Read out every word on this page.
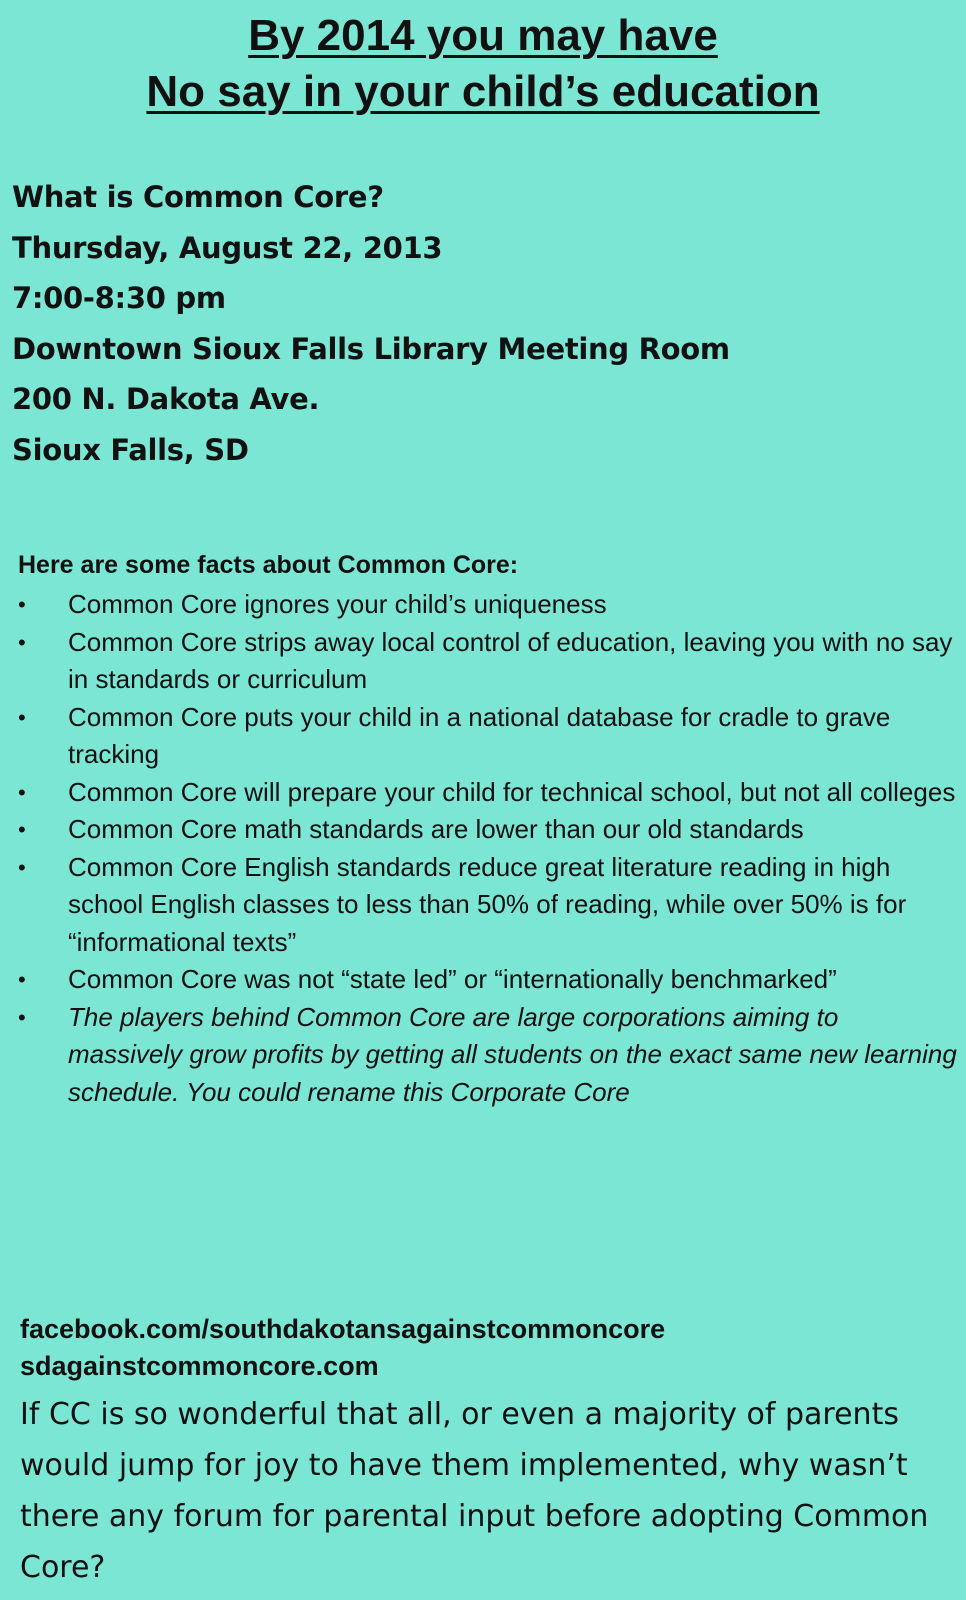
By 2014 you may have
No say in your child’s education
What is Common Core?
Thursday, August 22, 2013
7:00-8:30 pm
Downtown Sioux Falls Library Meeting Room
200 N. Dakota Ave.
Sioux Falls, SD
Here are some facts about Common Core:
• Common Core ignores your child’s uniqueness
• Common Core strips away local control of education, leaving you with no say in standards or curriculum
• Common Core puts your child in a national database for cradle to grave tracking
• Common Core will prepare your child for technical school, but not all colleges
• Common Core math standards are lower than our old standards
• Common Core English standards reduce great literature reading in high school English classes to less than 50% of reading, while over 50% is for “informational texts”
• Common Core was not “state led” or “internationally benchmarked”
• The players behind Common Core are large corporations aiming to massively grow profits by getting all students on the exact same new learning schedule. You could rename this Corporate Core
facebook.com/southdakotansagainstcommoncore
sdagainstcommoncore.com
If CC is so wonderful that all, or even a majority of parents would jump for joy to have them implemented, why wasn’t there any forum for parental input before adopting Common Core?
